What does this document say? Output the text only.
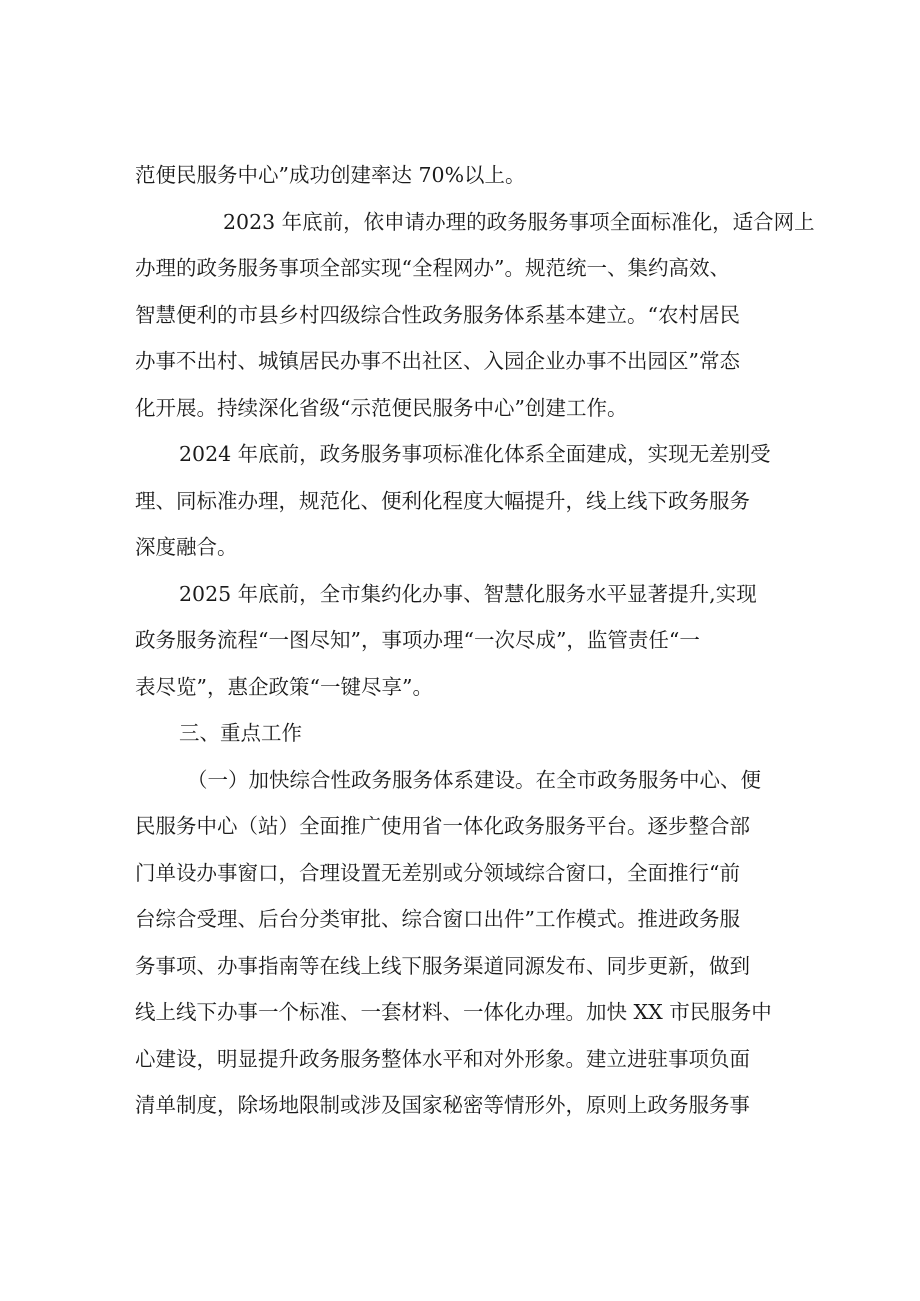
范便民服务中心”成功创建率达 70%以上。

2023 年底前，依申请办理的政务服务事项全面标准化，适合网上
办理的政务服务事项全部实现“全程网办”。规范统一、集约高效、
智慧便利的市县乡村四级综合性政务服务体系基本建立。“农村居民
办事不出村、城镇居民办事不出社区、入园企业办事不出园区”常态
化开展。持续深化省级“示范便民服务中心”创建工作。

2024 年底前，政务服务事项标准化体系全面建成，实现无差别受
理、同标准办理，规范化、便利化程度大幅提升，线上线下政务服务
深度融合。

2025 年底前，全市集约化办事、智慧化服务水平显著提升,实现
政务服务流程“一图尽知”，事项办理“一次尽成”，监管责任“一
表尽览”，惠企政策“一键尽享”。

三、重点工作

（一）加快综合性政务服务体系建设。在全市政务服务中心、便
民服务中心（站）全面推广使用省一体化政务服务平台。逐步整合部
门单设办事窗口，合理设置无差别或分领域综合窗口，全面推行“前
台综合受理、后台分类审批、综合窗口出件”工作模式。推进政务服
务事项、办事指南等在线上线下服务渠道同源发布、同步更新，做到
线上线下办事一个标准、一套材料、一体化办理。加快 XX 市民服务中
心建设，明显提升政务服务整体水平和对外形象。建立进驻事项负面
清单制度，除场地限制或涉及国家秘密等情形外，原则上政务服务事
